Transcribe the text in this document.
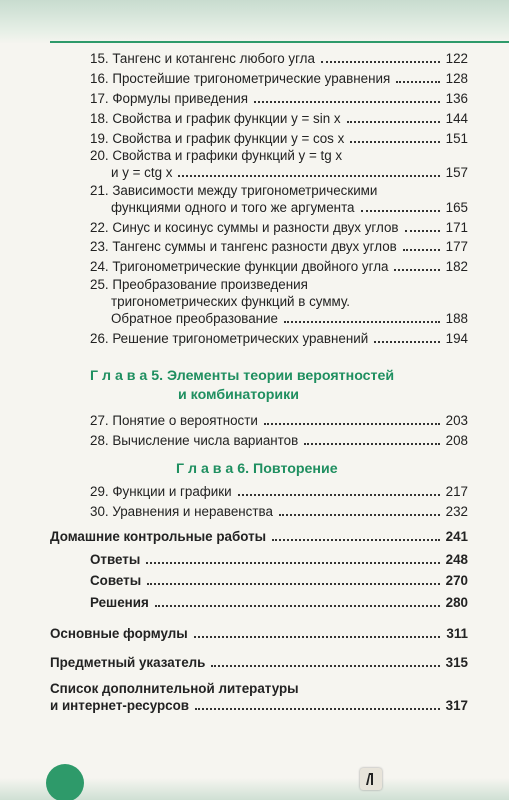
15. Тангенс и котангенс любого угла	122
16. Простейшие тригонометрические уравнения	128
17. Формулы приведения	136
18. Свойства и график функции y = sin x	144
19. Свойства и график функции y = cos x	151
20. Свойства и графики функций y = tg x
и y = ctg x	157
21. Зависимости между тригонометрическими
функциями одного и того же аргумента	165
22. Синус и косинус суммы и разности двух углов	171
23. Тангенс суммы и тангенс разности двух углов	177
24. Тригонометрические функции двойного угла	182
25. Преобразование произведения
тригонометрических функций в сумму.
Обратное преобразование	188
26. Решение тригонометрических уравнений	194
Г л а в а 5. Элементы теории вероятностей
и комбинаторики
27. Понятие о вероятности	203
28. Вычисление числа вариантов	208
Г л а в а 6. Повторение
29. Функции и графики	217
30. Уравнения и неравенства	232
Домашние контрольные работы	241
Ответы	248
Советы	270
Решения	280
Основные формулы	311
Предметный указатель	315
Список дополнительной литературы
и интернет-ресурсов	317
